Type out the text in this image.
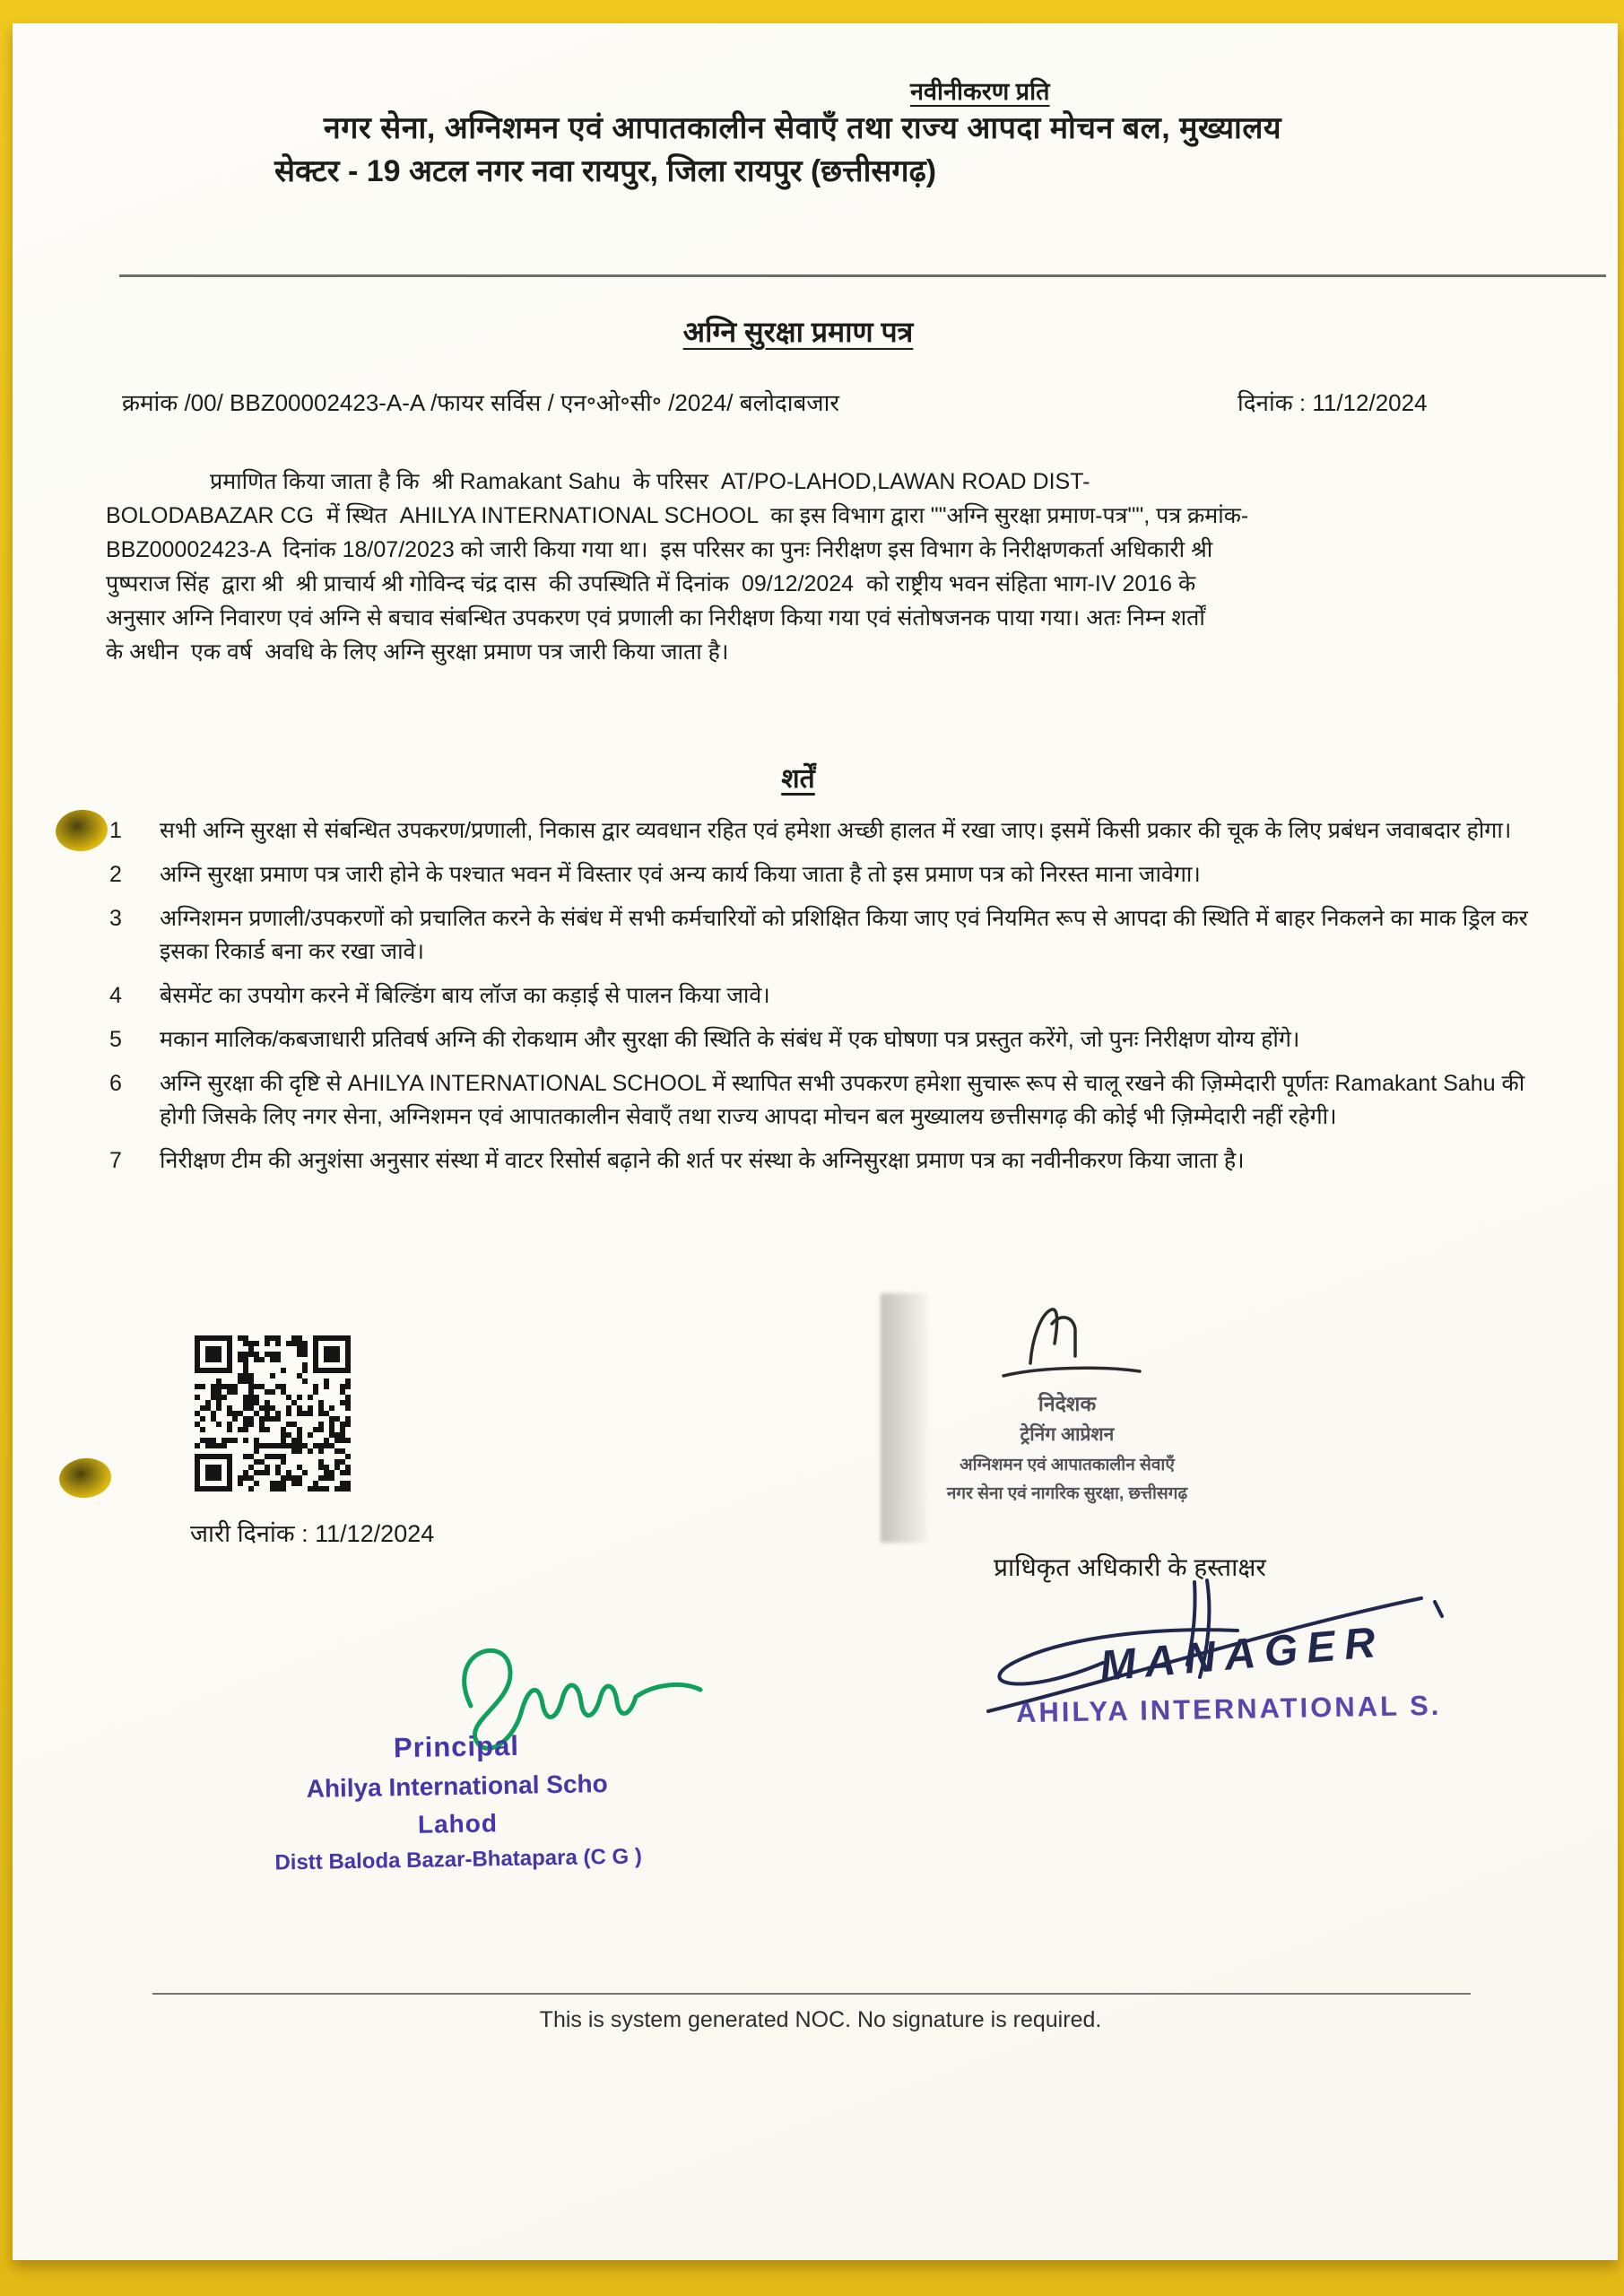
नवीनीकरण प्रति
नगर सेना, अग्निशमन एवं आपातकालीन सेवाएँ तथा राज्य आपदा मोचन बल, मुख्यालय
सेक्टर - 19 अटल नगर नवा रायपुर, जिला रायपुर (छत्तीसगढ़)
अग्नि सुरक्षा प्रमाण पत्र
क्रमांक /00/ BBZ00002423-A-A /फायर सर्विस / एन॰ओ॰सी॰ /2024/ बलोदाबजार	दिनांक : 11/12/2024
प्रमाणित किया जाता है कि  श्री Ramakant Sahu  के परिसर  AT/PO-LAHOD,LAWAN ROAD DIST-
BOLODABAZAR CG  में स्थित  AHILYA INTERNATIONAL SCHOOL  का इस विभाग द्वारा ""अग्नि सुरक्षा प्रमाण-पत्र"", पत्र क्रमांक-
BBZ00002423-A  दिनांक 18/07/2023 को जारी किया गया था।  इस परिसर का पुनः निरीक्षण इस विभाग के निरीक्षणकर्ता अधिकारी श्री
पुष्पराज सिंह  द्वारा श्री  श्री प्राचार्य श्री गोविन्द चंद्र दास  की उपस्थिति में दिनांक  09/12/2024  को राष्ट्रीय भवन संहिता भाग-IV 2016 के
अनुसार अग्नि निवारण एवं अग्नि से बचाव संबन्धित उपकरण एवं प्रणाली का निरीक्षण किया गया एवं संतोषजनक पाया गया। अतः निम्न शर्तों
के अधीन  एक वर्ष  अवधि के लिए अग्नि सुरक्षा प्रमाण पत्र जारी किया जाता है।
शर्तें
1	सभी अग्नि सुरक्षा से संबन्धित उपकरण/प्रणाली, निकास द्वार व्यवधान रहित एवं हमेशा अच्छी हालत में रखा जाए। इसमें किसी प्रकार की चूक के लिए प्रबंधन जवाबदार होगा।
2	अग्नि सुरक्षा प्रमाण पत्र जारी होने के पश्चात भवन में विस्तार एवं अन्य कार्य किया जाता है तो इस प्रमाण पत्र को निरस्त माना जावेगा।
3	अग्निशमन प्रणाली/उपकरणों को प्रचालित करने के संबंध में सभी कर्मचारियों को प्रशिक्षित किया जाए एवं नियमित रूप से आपदा की स्थिति में बाहर निकलने का माक ड्रिल कर इसका रिकार्ड बना कर रखा जावे।
4	बेसमेंट का उपयोग करने में बिल्डिंग बाय लॉज का कड़ाई से पालन किया जावे।
5	मकान मालिक/कबजाधारी प्रतिवर्ष अग्नि की रोकथाम और सुरक्षा की स्थिति के संबंध में एक घोषणा पत्र प्रस्तुत करेंगे, जो पुनः निरीक्षण योग्य होंगे।
6	अग्नि सुरक्षा की दृष्टि से AHILYA INTERNATIONAL SCHOOL में स्थापित सभी उपकरण हमेशा सुचारू रूप से चालू रखने की ज़िम्मेदारी पूर्णतः Ramakant Sahu की होगी जिसके लिए नगर सेना, अग्निशमन एवं आपातकालीन सेवाएँ तथा राज्य आपदा मोचन बल मुख्यालय छत्तीसगढ़ की कोई भी ज़िम्मेदारी नहीं रहेगी।
7	निरीक्षण टीम की अनुशंसा अनुसार संस्था में वाटर रिसोर्स बढ़ाने की शर्त पर संस्था के अग्निसुरक्षा प्रमाण पत्र का नवीनीकरण किया जाता है।
जारी दिनांक : 11/12/2024
निदेशक
ट्रेनिंग आप्रेशन
अग्निशमन एवं आपातकालीन सेवाएँ
नगर सेना एवं नागरिक सुरक्षा, छत्तीसगढ़
प्राधिकृत अधिकारी के हस्ताक्षर
MANAGER
AHILYA INTERNATIONAL S.
Principal
Ahilya International Scho
Lahod
Distt Baloda Bazar-Bhatapara (C G )
This is system generated NOC. No signature is required.
